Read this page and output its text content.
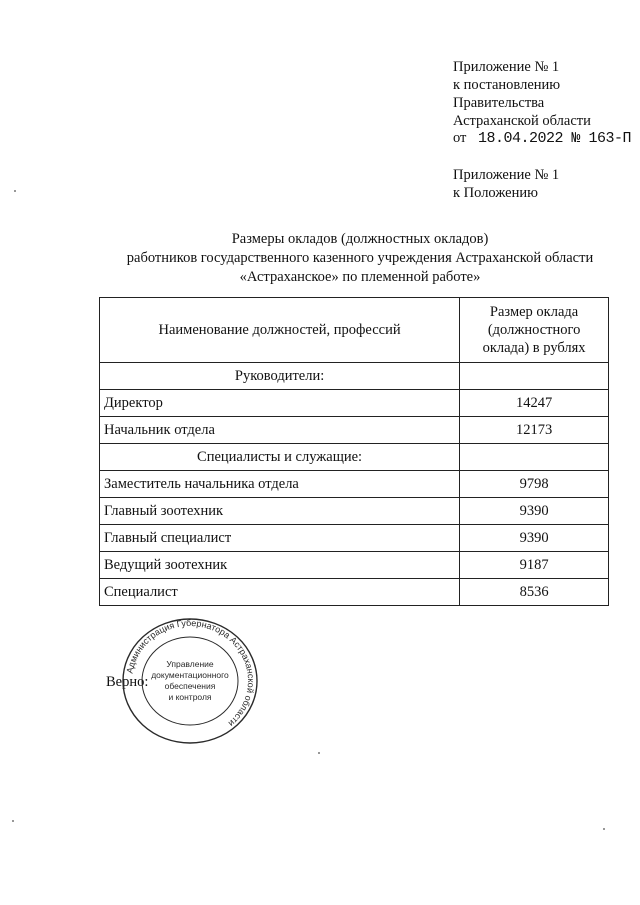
Приложение № 1
к постановлению
Правительства
Астраханской области
от 18.04.2022 № 163-П
Приложение № 1
к Положению
Размеры окладов (должностных окладов)
работников государственного казенного учреждения Астраханской области
«Астраханское» по племенной работе»
Наименование должностей, профессий	Размер оклада (должностного оклада) в рублях
Руководители:	
Директор	14247
Начальник отдела	12173
Специалисты и служащие:	
Заместитель начальника отдела	9798
Главный зоотехник	9390
Главный специалист	9390
Ведущий зоотехник	9187
Специалист	8536
Верно:
Администрация Губернатора Астраханской области
Управление
документационного
обеспечения
и контроля
